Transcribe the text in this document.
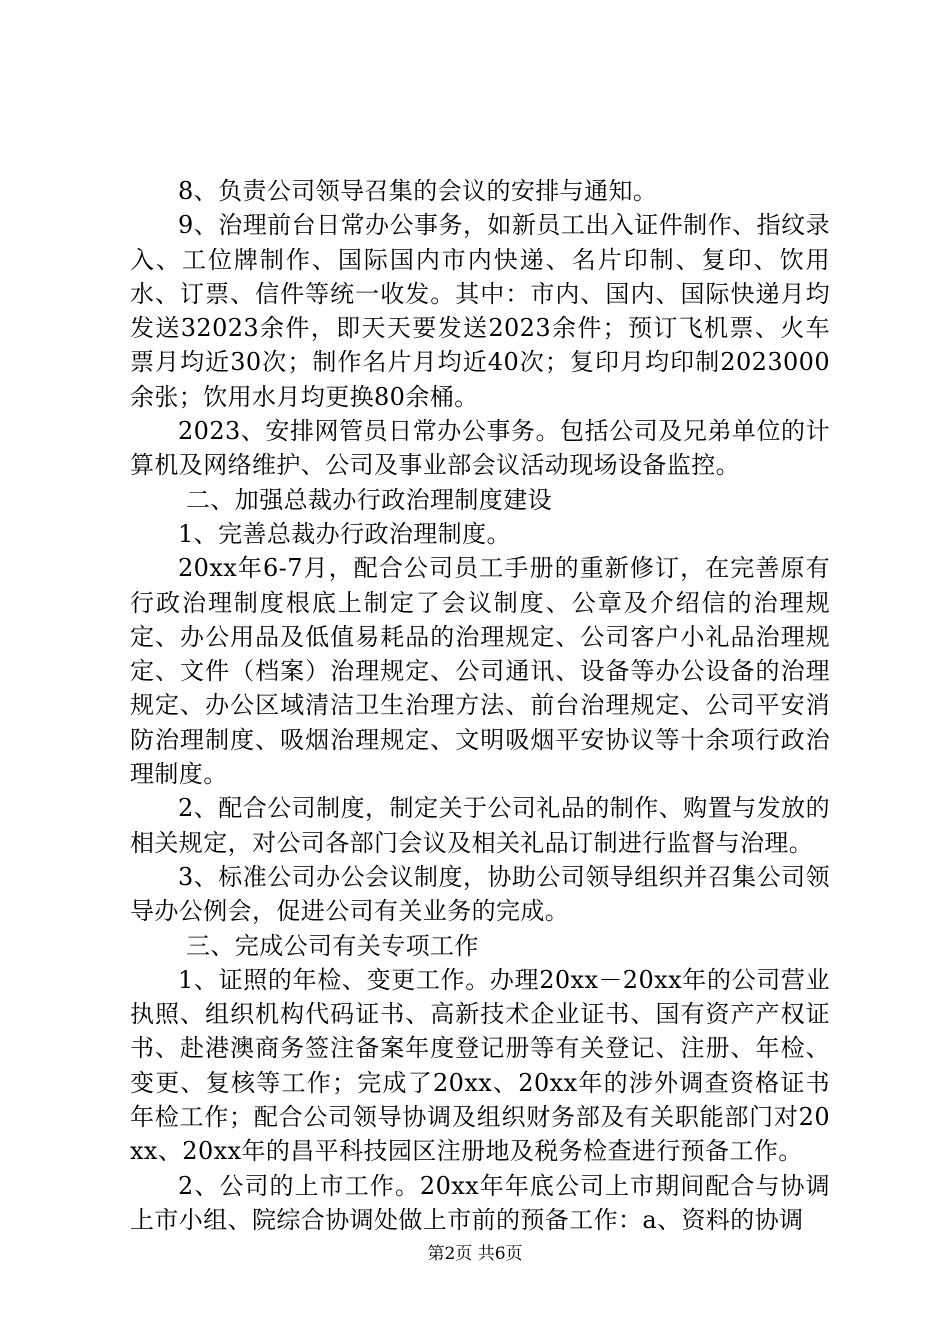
8、负责公司领导召集的会议的安排与通知。

9、治理前台日常办公事务，如新员工出入证件制作、指纹录入、工位牌制作、国际国内市内快递、名片印制、复印、饮用水、订票、信件等统一收发。其中：市内、国内、国际快递月均发送32023余件，即天天要发送2023余件；预订飞机票、火车票月均近30次；制作名片月均近40次；复印月均印制2023000余张；饮用水月均更换80余桶。

2023、安排网管员日常办公事务。包括公司及兄弟单位的计算机及网络维护、公司及事业部会议活动现场设备监控。

二、加强总裁办行政治理制度建设

1、完善总裁办行政治理制度。

20xx年6-7月，配合公司员工手册的重新修订，在完善原有行政治理制度根底上制定了会议制度、公章及介绍信的治理规定、办公用品及低值易耗品的治理规定、公司客户小礼品治理规定、文件（档案）治理规定、公司通讯、设备等办公设备的治理规定、办公区域清洁卫生治理方法、前台治理规定、公司平安消防治理制度、吸烟治理规定、文明吸烟平安协议等十余项行政治理制度。

2、配合公司制度，制定关于公司礼品的制作、购置与发放的相关规定，对公司各部门会议及相关礼品订制进行监督与治理。

3、标准公司办公会议制度，协助公司领导组织并召集公司领导办公例会，促进公司有关业务的完成。

三、完成公司有关专项工作

1、证照的年检、变更工作。办理20xx－20xx年的公司营业执照、组织机构代码证书、高新技术企业证书、国有资产产权证书、赴港澳商务签注备案年度登记册等有关登记、注册、年检、变更、复核等工作；完成了20xx、20xx年的涉外调查资格证书年检工作；配合公司领导协调及组织财务部及有关职能部门对20xx、20xx年的昌平科技园区注册地及税务检查进行预备工作。

2、公司的上市工作。20xx年年底公司上市期间配合与协调上市小组、院综合协调处做上市前的预备工作：a、资料的协调

第2页 共6页
